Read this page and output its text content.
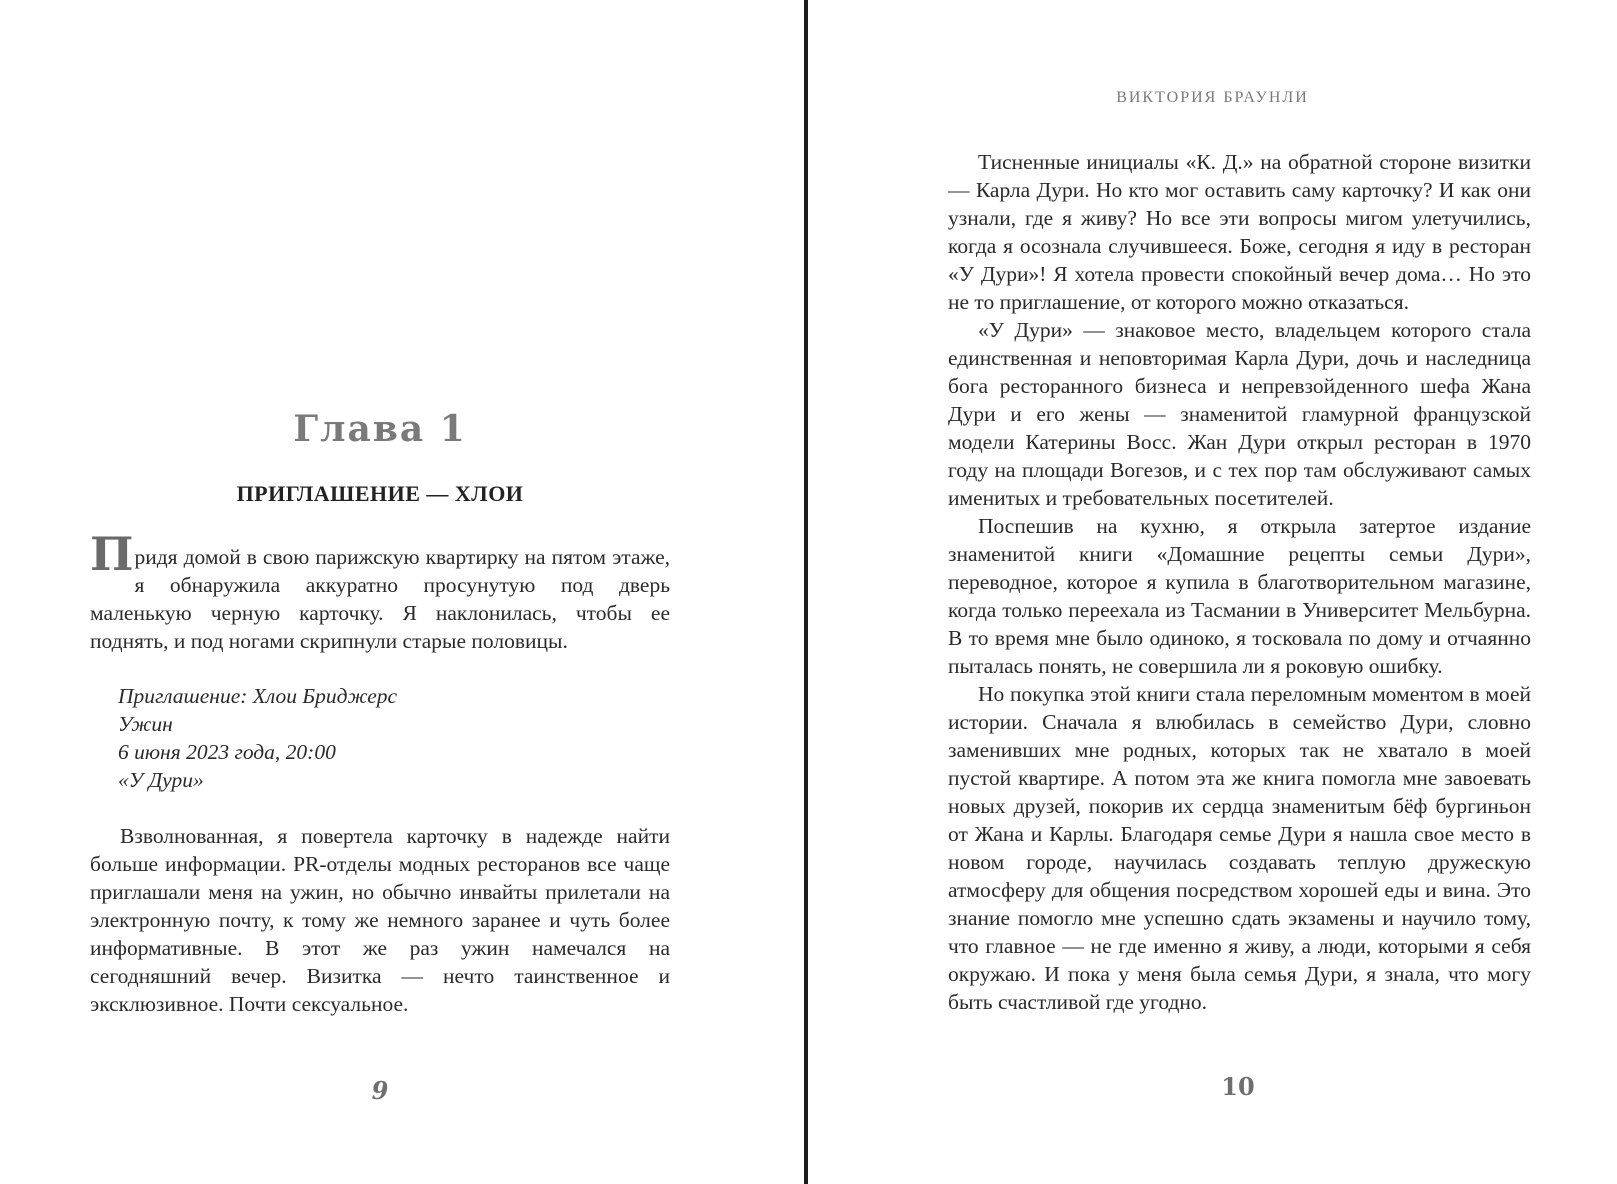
Глава 1
ПРИГЛАШЕНИЕ — ХЛОИ

Придя домой в свою парижскую квартирку на пятом этаже, я обнаружила аккуратно просунутую под дверь маленькую черную карточку. Я наклонилась, чтобы ее поднять, и под ногами скрипнули старые половицы.

Приглашение: Хлои Бриджерс
Ужин
6 июня 2023 года, 20:00
«У Дури»

Взволнованная, я повертела карточку в надежде найти больше информации. PR-отделы модных ресторанов все чаще приглашали меня на ужин, но обычно инвайты прилетали на электронную почту, к тому же немного заранее и чуть более информативные. В этот же раз ужин намечался на сегодняшний вечер. Визитка — нечто таинственное и эксклюзивное. Почти сексуальное.

9
ВИКТОРИЯ БРАУНЛИ

Тисненные инициалы «К. Д.» на обратной стороне визитки — Карла Дури. Но кто мог оставить саму карточку? И как они узнали, где я живу? Но все эти вопросы мигом улетучились, когда я осознала случившееся. Боже, сегодня я иду в ресторан «У Дури»! Я хотела провести спокойный вечер дома… Но это не то приглашение, от которого можно отказаться.

«У Дури» — знаковое место, владельцем которого стала единственная и неповторимая Карла Дури, дочь и наследница бога ресторанного бизнеса и непревзойденного шефа Жана Дури и его жены — знаменитой гламурной французской модели Катерины Восс. Жан Дури открыл ресторан в 1970 году на площади Вогезов, и с тех пор там обслуживают самых именитых и требовательных посетителей.

Поспешив на кухню, я открыла затертое издание знаменитой книги «Домашние рецепты семьи Дури», переводное, которое я купила в благотворительном магазине, когда только переехала из Тасмании в Университет Мельбурна. В то время мне было одиноко, я тосковала по дому и отчаянно пыталась понять, не совершила ли я роковую ошибку.

Но покупка этой книги стала переломным моментом в моей истории. Сначала я влюбилась в семейство Дури, словно заменивших мне родных, которых так не хватало в моей пустой квартире. А потом эта же книга помогла мне завоевать новых друзей, покорив их сердца знаменитым бёф бургиньон от Жана и Карлы. Благодаря семье Дури я нашла свое место в новом городе, научилась создавать теплую дружескую атмосферу для общения посредством хорошей еды и вина. Это знание помогло мне успешно сдать экзамены и научило тому, что главное — не где именно я живу, а люди, которыми я себя окружаю. И пока у меня была семья Дури, я знала, что могу быть счастливой где угодно.

10
